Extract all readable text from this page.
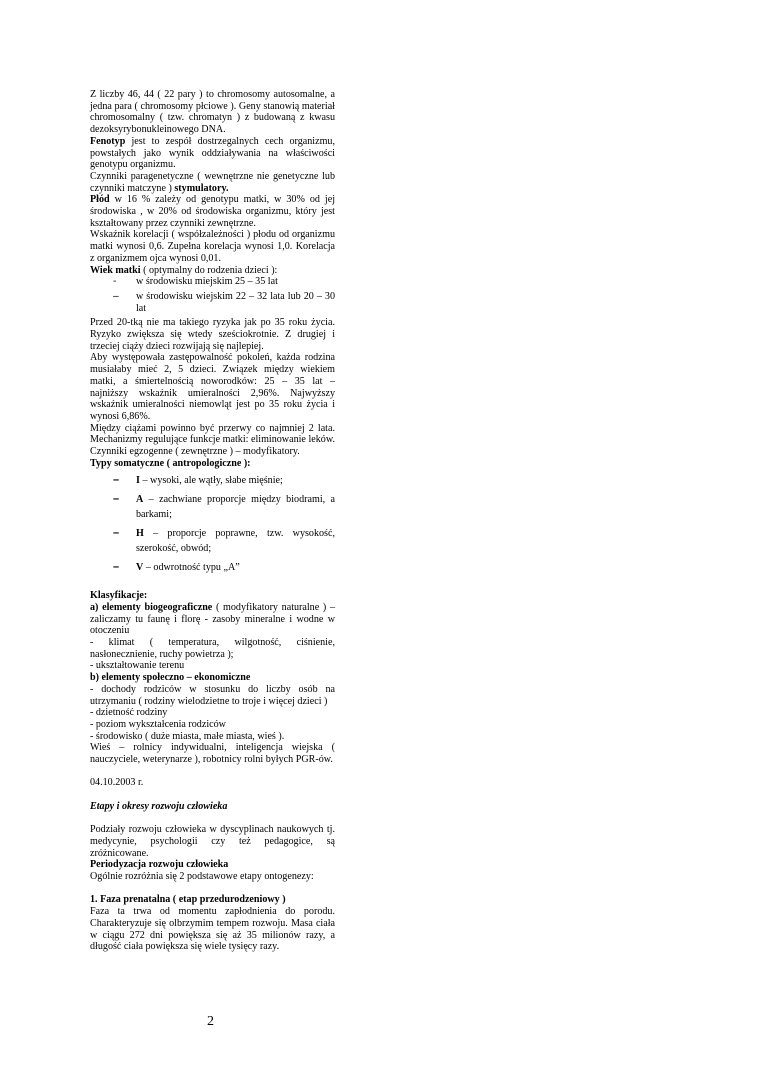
Z liczby 46, 44 ( 22 pary ) to chromosomy autosomalne, a jedna para ( chromosomy płciowe ). Geny stanowią materiał chromosomalny ( tzw. chromatyn ) z budowaną z kwasu dezoksyrybonukleinowego DNA.

Fenotyp jest to zespół dostrzegalnych cech organizmu, powstałych jako wynik oddziaływania na właściwości genotypu organizmu.

Czynniki paragenetyczne ( wewnętrzne nie genetyczne lub czynniki matczyne ) stymulatory.

Płód w 16 % zależy od genotypu matki, w 30% od jej środowiska , w 20% od środowiska organizmu, który jest kształtowany przez czynniki zewnętrzne.

Wskaźnik korelacji ( współzależności ) płodu od organizmu matki wynosi 0,6. Zupełna korelacja wynosi 1,0. Korelacja z organizmem ojca wynosi 0,01.

Wiek matki ( optymalny do rodzenia dzieci ):

-	w środowisku miejskim 25 – 35 lat
–	w środowisku wiejskim 22 – 32 lata lub 20 – 30 lat

Przed 20-tką nie ma takiego ryzyka jak po 35 roku życia. Ryzyko zwiększa się wtedy sześciokrotnie. Z drugiej i trzeciej ciąży dzieci rozwijają się najlepiej.

Aby występowała zastępowalność pokoleń, każda rodzina musiałaby mieć 2, 5 dzieci. Związek między wiekiem matki, a śmiertelnością noworodków: 25 – 35 lat – najniższy wskaźnik umieralności 2,96%. Najwyższy wskaźnik umieralności niemowląt jest po 35 roku życia i wynosi 6,86%.

Między ciążami powinno być przerwy co najmniej 2 lata. Mechanizmy regulujące funkcje matki: eliminowanie leków. Czynniki egzogenne ( zewnętrzne ) – modyfikatory.

Typy somatyczne ( antropologiczne ):

–	I – wysoki, ale wątły, słabe mięśnie;
–	A – zachwiane proporcje między biodrami, a barkami;
–	H – proporcje poprawne, tzw. wysokość, szerokość, obwód;
–	V – odwrotność typu „A”

Klasyfikacje:

a) elementy biogeograficzne ( modyfikatory naturalne ) – zaliczamy tu faunę i florę - zasoby mineralne i wodne w otoczeniu

- klimat ( temperatura, wilgotność, ciśnienie, nasłonecznienie, ruchy powietrza );

- ukształtowanie terenu

b) elementy społeczno – ekonomiczne

- dochody rodziców w stosunku do liczby osób na utrzymaniu ( rodziny wielodzietne to troje i więcej dzieci )

- dzietność rodziny

- poziom wykształcenia rodziców

- środowisko ( duże miasta, małe miasta, wieś ).

Wieś – rolnicy indywidualni, inteligencja wiejska ( nauczyciele, weterynarze ), robotnicy rolni byłych PGR-ów.

04.10.2003 r.

Etapy i okresy rozwoju człowieka

Podziały rozwoju człowieka w dyscyplinach naukowych tj. medycynie, psychologii czy też pedagogice, są zróżnicowane.

Periodyzacja rozwoju człowieka

Ogólnie rozróżnia się 2 podstawowe etapy ontogenezy:

1. Faza prenatalna ( etap przedurodzeniowy )

Faza ta trwa od momentu zapłodnienia do porodu. Charakteryzuje się olbrzymim tempem rozwoju. Masa ciała w ciągu 272 dni powiększa się aż 35 milionów razy, a długość ciała powiększa się wiele tysięcy razy.

2
